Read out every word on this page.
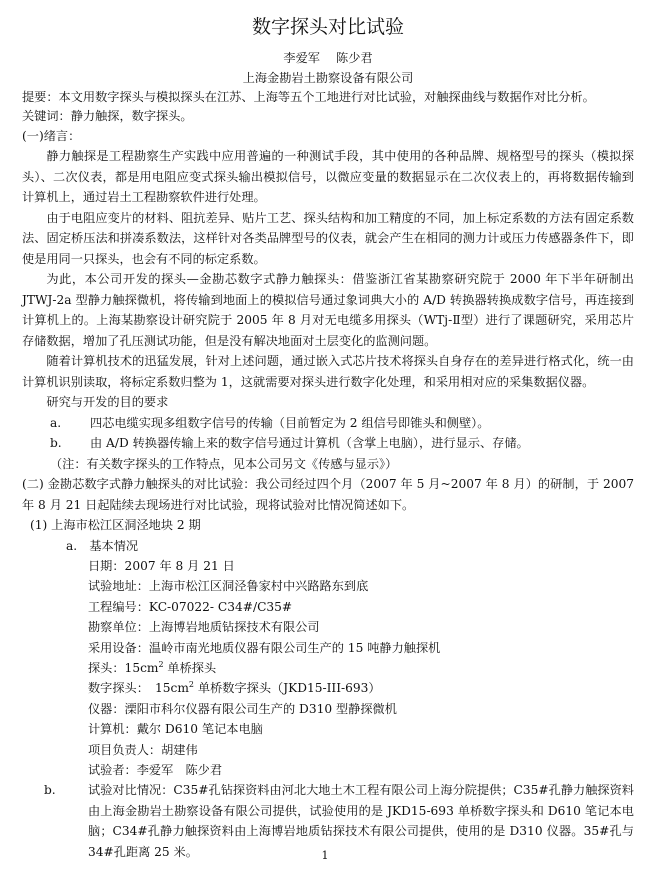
数字探头对比试验
李爱军　 陈少君
上海金勘岩土勘察设备有限公司

提要：本文用数字探头与模拟探头在江苏、上海等五个工地进行对比试验，对触探曲线与数据作对比分析。

关键词：静力触探，数字探头。

(一)绪言：

静力触探是工程勘察生产实践中应用普遍的一种测试手段，其中使用的各种品牌、规格型号的探头（模拟探头）、二次仪表，都是用电阻应变式探头输出模拟信号，以微应变量的数据显示在二次仪表上的，再将数据传输到计算机上，通过岩土工程勘察软件进行处理。

由于电阻应变片的材料、阻抗差异、贴片工艺、探头结构和加工精度的不同，加上标定系数的方法有固定系数法、固定桥压法和拼凑系数法，这样针对各类品牌型号的仪表，就会产生在相同的测力计或压力传感器条件下，即使是用同一只探头，也会有不同的标定系数。

为此，本公司开发的探头—金勘芯数字式静力触探头：借鉴浙江省某勘察研究院于 2000 年下半年研制出JTWJ-2a 型静力触探微机，将传输到地面上的模拟信号通过象词典大小的 A/D 转换器转换成数字信号，再连接到计算机上的。上海某勘察设计研究院于 2005 年 8 月对无电缆多用探头（WTj-Ⅱ型）进行了课题研究，采用芯片存储数据，增加了孔压测试功能，但是没有解决地面对土层变化的监测问题。

随着计算机技术的迅猛发展，针对上述问题，通过嵌入式芯片技术将探头自身存在的差异进行格式化，统一由计算机识别读取，将标定系数归整为 1，这就需要对探头进行数字化处理，和采用相对应的采集数据仪器。

研究与开发的目的要求

a. 四芯电缆实现多组数字信号的传输（目前暂定为 2 组信号即锥头和侧壁）。
b. 由 A/D 转换器传输上来的数字信号通过计算机（含掌上电脑），进行显示、存储。
（注：有关数字探头的工作特点，见本公司另文《传感与显示》）

(二) 金勘芯数字式静力触探头的对比试验：我公司经过四个月（2007 年 5 月~2007 年 8 月）的研制，于 2007 年 8 月 21 日起陆续去现场进行对比试验，现将试验对比情况简述如下。

(1) 上海市松江区洞泾地块 2 期
a.　基本情况
日期：2007 年 8 月 21 日
试验地址：上海市松江区洞泾鲁家村中兴路路东到底
工程编号：KC-07022- C34#/C35#
勘察单位：上海博岩地质钻探技术有限公司
采用设备：温岭市南光地质仪器有限公司生产的 15 吨静力触探机
探头：$15cm^2$ 单桥探头
数字探头：　$15cm^2$ 单桥数字探头（JKD15-III-693）
仪器：溧阳市科尔仪器有限公司生产的 D310 型静探微机
计算机：戴尔 D610 笔记本电脑
项目负责人：胡建伟
试验者：李爱军　陈少君

b.	试验对比情况：C35#孔钻探资料由河北大地土木工程有限公司上海分院提供；C35#孔静力触探资料由上海金勘岩土勘察设备有限公司提供，试验使用的是 JKD15-693 单桥数字探头和 D610 笔记本电脑；C34#孔静力触探资料由上海博岩地质钻探技术有限公司提供，使用的是 D310 仪器。35#孔与 34#孔距离 25 米。	1
